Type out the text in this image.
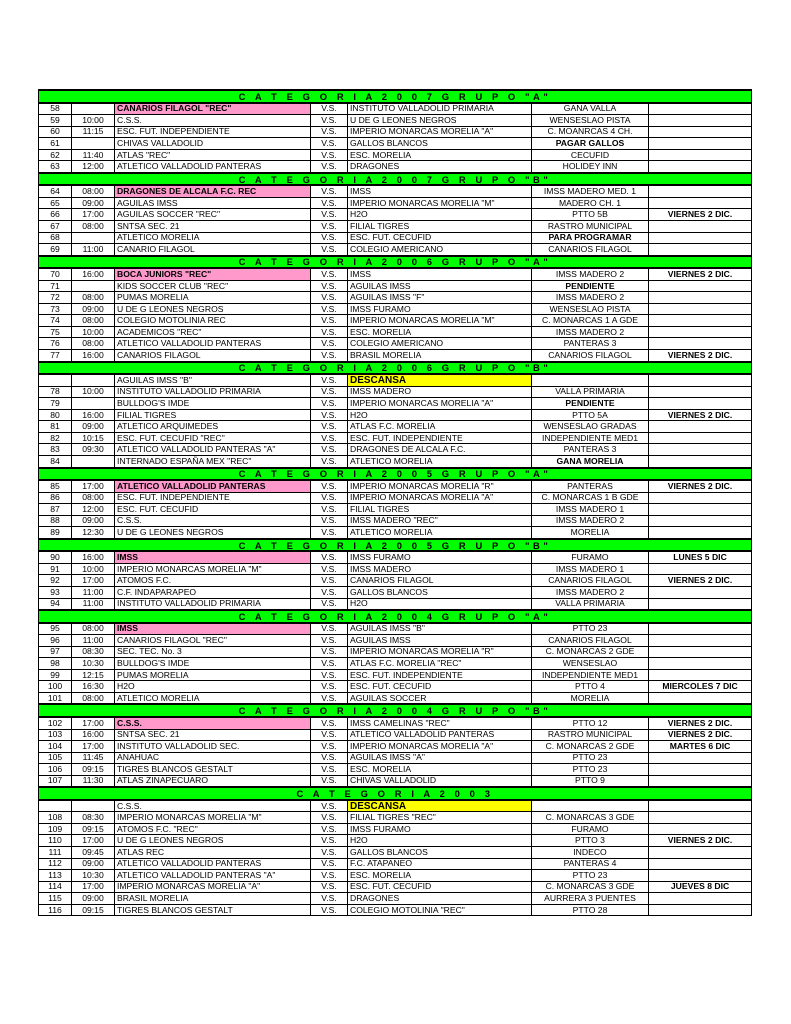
C A T E G O R I A 2 0 0 7 G R U P O "A"						
58		CANARIOS FILAGOL "REC"	V.S.	INSTITUTO VALLADOLID PRIMARIA	GANA VALLA	
59	10:00	C.S.S.	V.S.	U DE G LEONES NEGROS	WENSESLAO PISTA	
60	11:15	ESC. FUT. INDEPENDIENTE	V.S.	IMPERIO MONARCAS MORELIA "A"	C. MOANRCAS 4 CH.	
61		CHIVAS VALLADOLID	V.S.	GALLOS BLANCOS	PAGAR GALLOS	
62	11:40	ATLAS "REC"	V.S.	ESC. MORELIA	CECUFID	
63	12:00	ATLETICO VALLADOLID PANTERAS	V.S.	DRAGONES	HOLIDEY INN	
C A T E G O R I A 2 0 0 7 G R U P O "B"						
64	08:00	DRAGONES DE ALCALA F.C. REC	V.S.	IMSS	IMSS MADERO MED. 1	
65	09:00	AGUILAS IMSS	V.S.	IMPERIO MONARCAS MORELIA "M"	MADERO CH. 1	
66	17:00	AGUILAS SOCCER "REC"	V.S.	H2O	PTTO 5B	VIERNES 2 DIC.
67	08:00	SNTSA SEC. 21	V.S.	FILIAL TIGRES	RASTRO MUNICIPAL	
68		ATLETICO MORELIA	V.S.	ESC. FUT. CECUFID	PARA PROGRAMAR	
69	11:00	CANARIO FILAGOL	V.S.	COLEGIO AMERICANO	CANARIOS FILAGOL	
C A T E G O R I A 2 0 0 6 G R U P O "A"						
70	16:00	BOCA JUNIORS "REC"	V.S.	IMSS	IMSS MADERO 2	VIERNES 2 DIC.
71		KIDS SOCCER CLUB "REC"	V.S.	AGUILAS IMSS	PENDIENTE	
72	08:00	PUMAS MORELIA	V.S.	AGUILAS IMSS "F"	IMSS MADERO 2	
73	09:00	U DE G LEONES NEGROS	V.S.	IMSS FURAMO	WENSESLAO PISTA	
74	08:00	COLEGIO MOTOLINIA REC	V.S.	IMPERIO MONARCAS MORELIA "M"	C. MONARCAS 1 A GDE	
75	10:00	ACADEMICOS "REC"	V.S.	ESC. MORELIA	IMSS MADERO 2	
76	08:00	ATLETICO VALLADOLID PANTERAS	V.S.	COLEGIO AMERICANO	PANTERAS 3	
77	16:00	CANARIOS FILAGOL	V.S.	BRASIL MORELIA	CANARIOS FILAGOL	VIERNES 2 DIC.
C A T E G O R I A 2 0 0 6 G R U P O "B"						
		AGUILAS IMSS "B"	V.S.	DESCANSA		
78	10:00	INSTITUTO VALLADOLID PRIMARIA	V.S.	IMSS MADERO	VALLA PRIMARIA	
79		BULLDOG'S IMDE	V.S.	IMPERIO MONARCAS MORELIA "A"	PENDIENTE	
80	16:00	FILIAL TIGRES	V.S.	H2O	PTTO 5A	VIERNES 2 DIC.
81	09:00	ATLETICO ARQUIMEDES	V.S.	ATLAS F.C. MORELIA	WENSESLAO GRADAS	
82	10:15	ESC. FUT. CECUFID "REC"	V.S.	ESC. FUT. INDEPENDIENTE	INDEPENDIENTE MED1	
83	09:30	ATLETICO VALLADOLID PANTERAS "A"	V.S.	DRAGONES DE ALCALA F.C.	PANTERAS 3	
84		INTERNADO ESPAÑA MEX "REC"	V.S.	ATLETICO MORELIA	GANA MORELIA	
C A T E G O R I A 2 0 0 5 G R U P O "A"						
85	17:00	ATLETICO VALLADOLID PANTERAS	V.S.	IMPERIO MONARCAS MORELIA "R"	PANTERAS	VIERNES 2 DIC.
86	08:00	ESC. FUT. INDEPENDIENTE	V.S.	IMPERIO MONARCAS MORELIA "A"	C. MONARCAS 1 B GDE	
87	12:00	ESC. FUT. CECUFID	V.S.	FILIAL TIGRES	IMSS MADERO 1	
88	09:00	C.S.S.	V.S.	IMSS MADERO "REC"	IMSS MADERO 2	
89	12:30	U DE G LEONES NEGROS	V.S.	ATLETICO MORELIA	MORELIA	
C A T E G O R I A 2 0 0 5 G R U P O "B"						
90	16:00	IMSS	V.S.	IMSS FURAMO	FURAMO	LUNES 5 DIC
91	10:00	IMPERIO MONARCAS MORELIA "M"	V.S.	IMSS MADERO	IMSS MADERO 1	
92	17:00	ATOMOS F.C.	V.S.	CANARIOS FILAGOL	CANARIOS FILAGOL	VIERNES 2 DIC.
93	11:00	C.F. INDAPARAPEO	V.S.	GALLOS BLANCOS	IMSS MADERO 2	
94	11:00	INSTITUTO VALLADOLID PRIMARIA	V.S.	H2O	VALLA PRIMARIA	
C A T E G O R I A 2 0 0 4 G R U P O "A"						
95	08:00	IMSS	V.S.	AGUILAS IMSS "B"	PTTO 23	
96	11:00	CANARIOS FILAGOL "REC"	V.S.	AGUILAS IMSS	CANARIOS FILAGOL	
97	08:30	SEC. TEC. No. 3	V.S.	IMPERIO MONARCAS MORELIA "R"	C. MONARCAS 2 GDE	
98	10:30	BULLDOG'S IMDE	V.S.	ATLAS F.C. MORELIA "REC"	WENSESLAO	
99	12:15	PUMAS MORELIA	V.S.	ESC. FUT. INDEPENDIENTE	INDEPENDIENTE MED1	
100	16:30	H2O	V.S.	ESC. FUT. CECUFID	PTTO 4	MIERCOLES 7 DIC
101	08:00	ATLETICO MORELIA	V.S.	AGUILAS SOCCER	MORELIA	
C A T E G O R I A 2 0 0 4 G R U P O "B"						
102	17:00	C.S.S.	V.S.	IMSS CAMELINAS "REC"	PTTO 12	VIERNES 2 DIC.
103	16:00	SNTSA SEC. 21	V.S.	ATLETICO VALLADOLID PANTERAS	RASTRO MUNICIPAL	VIERNES 2 DIC.
104	17:00	INSTITUTO VALLADOLID SEC.	V.S.	IMPERIO MONARCAS MORELIA "A"	C. MONARCAS 2 GDE	MARTES 6 DIC
105	11:45	ANAHUAC	V.S.	AGUILAS IMSS "A"	PTTO 23	
106	09:15	TIGRES BLANCOS GESTALT	V.S.	ESC. MORELIA	PTTO 23	
107	11:30	ATLAS ZINAPECUARO	V.S.	CHIVAS VALLADOLID	PTTO 9	
C A T E G O R I A 2 0 0 3						
		C.S.S.	V.S.	DESCANSA		
108	08:30	IMPERIO MONARCAS MORELIA "M"	V.S.	FILIAL TIGRES "REC"	C. MONARCAS 3 GDE	
109	09:15	ATOMOS F.C. "REC"	V.S.	IMSS FURAMO	FURAMO	
110	17:00	U DE G LEONES NEGROS	V.S.	H2O	PTTO 3	VIERNES 2 DIC.
111	09:45	ATLAS REC	V.S.	GALLOS BLANCOS	INDECO	
112	09:00	ATLETICO VALLADOLID PANTERAS	V.S.	F.C. ATAPANEO	PANTERAS 4	
113	10:30	ATLETICO VALLADOLID PANTERAS "A"	V.S.	ESC. MORELIA	PTTO 23	
114	17:00	IMPERIO MONARCAS MORELIA "A"	V.S.	ESC. FUT. CECUFID	C. MONARCAS 3 GDE	JUEVES 8 DIC
115	09:00	BRASIL MORELIA	V.S.	DRAGONES	AURRERA 3 PUENTES	
116	09:15	TIGRES BLANCOS GESTALT	V.S.	COLEGIO MOTOLINIA "REC"	PTTO 28	
